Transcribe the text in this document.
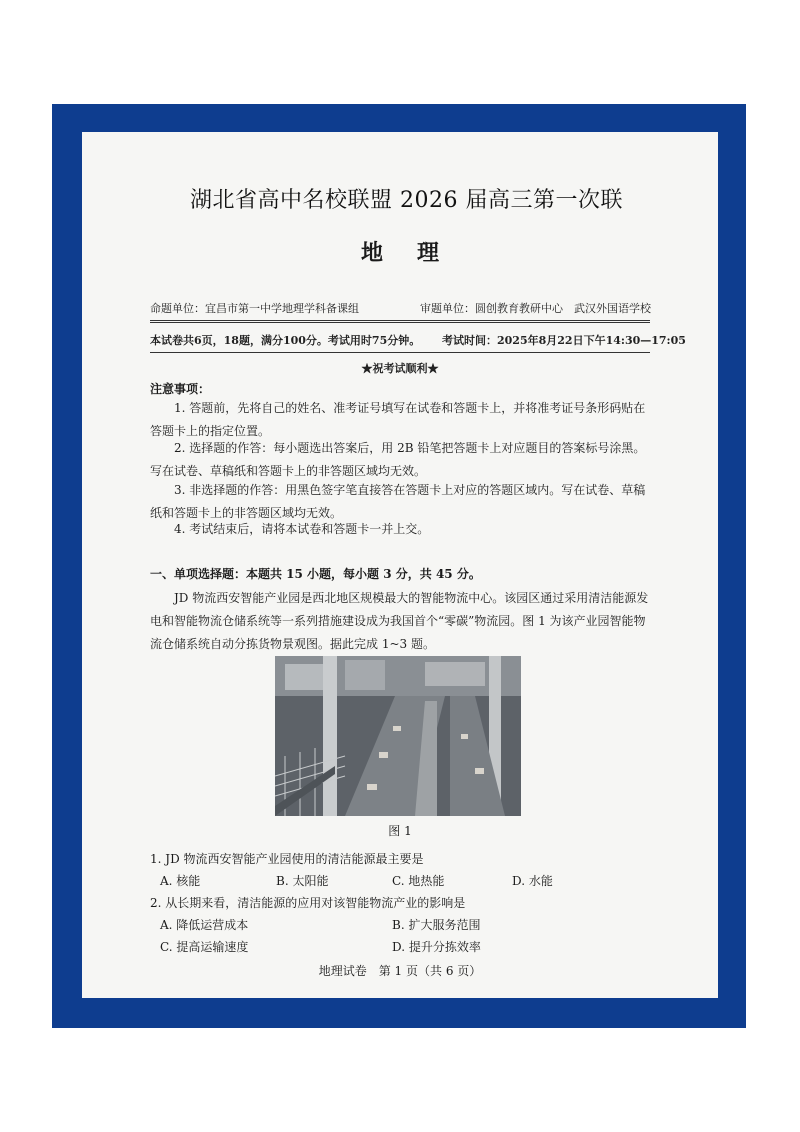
湖北省高中名校联盟 2026 届高三第一次联
地理
命题单位：宜昌市第一中学地理学科备课组	审题单位：圆创教育教研中心　武汉外国语学校
本试卷共6页，18题，满分100分。考试用时75分钟。 考试时间：2025年8月22日下午14:30—17:05
★祝考试顺利★
注意事项：
1. 答题前，先将自己的姓名、准考证号填写在试卷和答题卡上，并将准考证号条形码贴在答题卡上的指定位置。
2. 选择题的作答：每小题选出答案后，用 2B 铅笔把答题卡上对应题目的答案标号涂黑。写在试卷、草稿纸和答题卡上的非答题区域均无效。
3. 非选择题的作答：用黑色签字笔直接答在答题卡上对应的答题区域内。写在试卷、草稿纸和答题卡上的非答题区域均无效。
4. 考试结束后，请将本试卷和答题卡一并上交。
一、单项选择题：本题共 15 小题，每小题 3 分，共 45 分。
JD 物流西安智能产业园是西北地区规模最大的智能物流中心。该园区通过采用清洁能源发电和智能物流仓储系统等一系列措施建设成为我国首个“零碳”物流园。图 1 为该产业园智能物流仓储系统自动分拣货物景观图。据此完成 1~3 题。
图 1
1. JD 物流西安智能产业园使用的清洁能源最主要是
A. 核能	B. 太阳能	C. 地热能	D. 水能
2. 从长期来看，清洁能源的应用对该智能物流产业的影响是
A. 降低运营成本	B. 扩大服务范围
C. 提高运输速度	D. 提升分拣效率
地理试卷　第 1 页（共 6 页）
